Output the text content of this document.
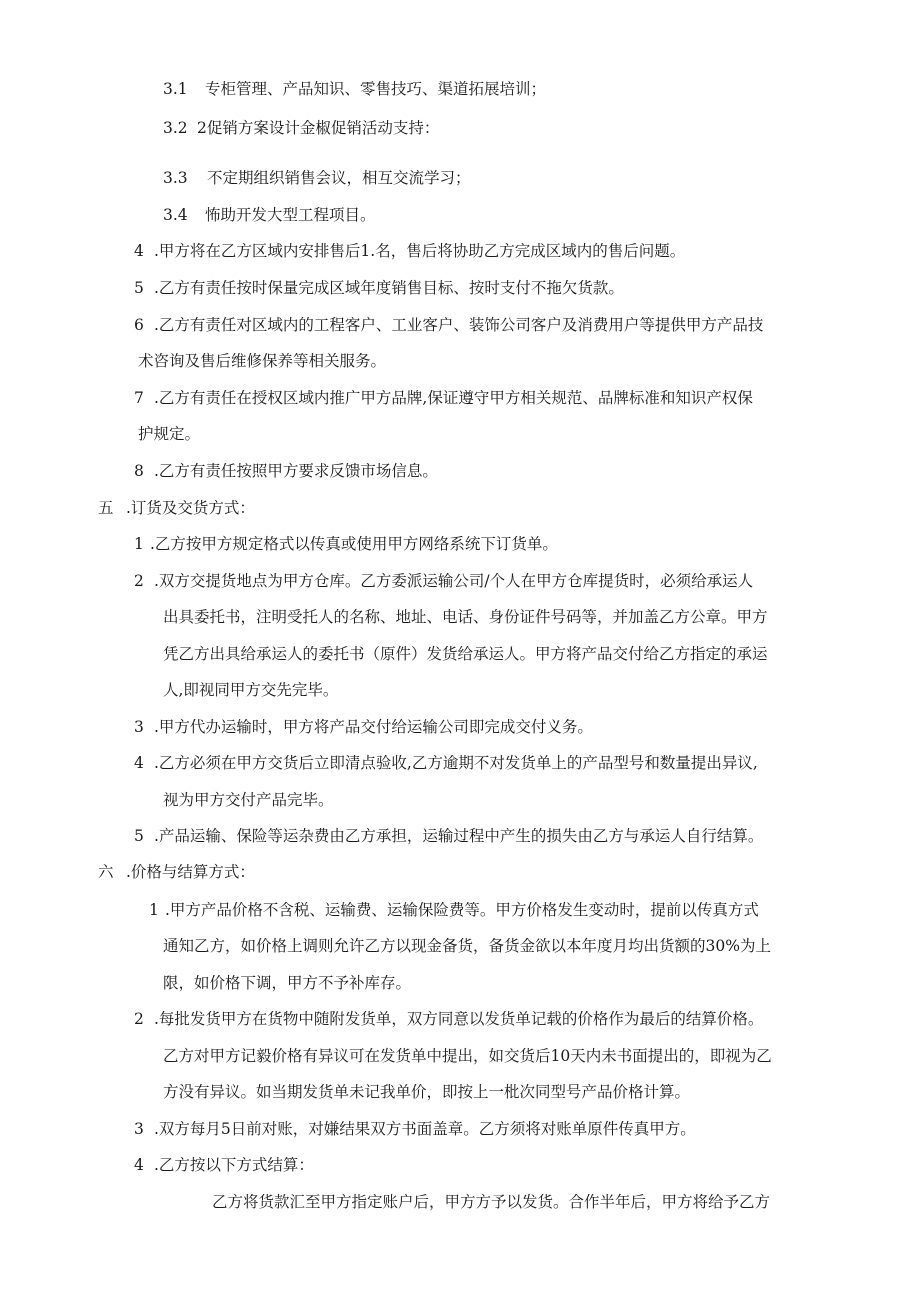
3.1 专柜管理、产品知识、零售技巧、渠道拓展培训；
3.2 2促销方案设计金椒促销活动支持：
3.3 不定期组织销售会议，相互交流学习；
3.4 怖助开发大型工程项目。
4 .甲方将在乙方区域内安排售后1.名，售后将协助乙方完成区域内的售后问题。
5 .乙方有责任按时保量完成区域年度销售目标、按时支付不拖欠货款。
6 .乙方有责任对区域内的工程客户、工业客户、装饰公司客户及消费用户等提供甲方产品技
术咨询及售后维修保养等相关服务。
7 .乙方有责任在授权区域内推广甲方品牌,保证遵守甲方相关规范、品牌标准和知识产权保
护规定。
8 .乙方有责任按照甲方要求反馈市场信息。
五 .订货及交货方式：
1 .乙方按甲方规定格式以传真或使用甲方网络系统下订货单。
2 .双方交提货地点为甲方仓库。乙方委派运输公司/个人在甲方仓库提货时，必须给承运人
出具委托书，注明受托人的名称、地址、电话、身份证件号码等，并加盖乙方公章。甲方
凭乙方出具给承运人的委托书（原件）发货给承运人。甲方将产品交付给乙方指定的承运
人,即视同甲方交先完毕。
3 .甲方代办运输时，甲方将产品交付给运输公司即完成交付义务。
4 .乙方必须在甲方交货后立即清点验收,乙方逾期不对发货单上的产品型号和数量提出异议,
视为甲方交付产品完毕。
5 .产品运输、保险等运杂费由乙方承担，运输过程中产生的损失由乙方与承运人自行结算。
六 .价格与结算方式：
1 .甲方产品价格不含税、运输费、运输保险费等。甲方价格发生变动时，提前以传真方式
通知乙方，如价格上调则允许乙方以现金备货，备货金欲以本年度月均出货额的30%为上
限，如价格下调，甲方不予补库存。
2 .每批发货甲方在货物中随附发货单，双方同意以发货单记载的价格作为最后的结算价格。
乙方对甲方记毅价格有异议可在发货单中提出，如交货后10天内未书面提出的，即视为乙
方没有异议。如当期发货单未记我单价，即按上一枇次同型号产品价格计算。
3 .双方每月5日前对账，对嫌结果双方书面盖章。乙方须将对账单原件传真甲方。
4 .乙方按以下方式结算：
乙方将货款汇至甲方指定账户后，甲方方予以发货。合作半年后，甲方将给予乙方
